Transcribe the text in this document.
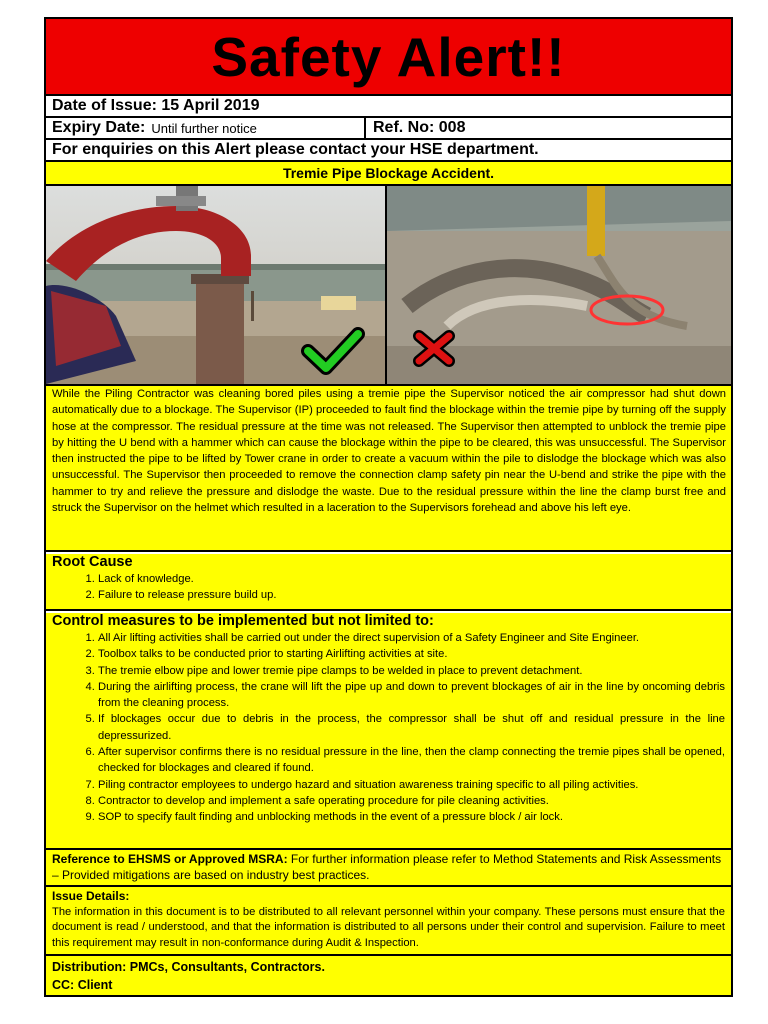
Safety Alert!!
Date of Issue: 15 April 2019
Expiry Date: Until further notice	Ref. No: 008
For enquiries on this Alert please contact your HSE department.
Tremie Pipe Blockage Accident.
While the Piling Contractor was cleaning bored piles using a tremie pipe the Supervisor noticed the air compressor had shut down automatically due to a blockage. The Supervisor (IP) proceeded to fault find the blockage within the tremie pipe by turning off the supply hose at the compressor. The residual pressure at the time was not released. The Supervisor then attempted to unblock the tremie pipe by hitting the U bend with a hammer which can cause the blockage within the pipe to be cleared, this was unsuccessful. The Supervisor then instructed the pipe to be lifted by Tower crane in order to create a vacuum within the pile to dislodge the blockage which was also unsuccessful. The Supervisor then proceeded to remove the connection clamp safety pin near the U-bend and strike the pipe with the hammer to try and relieve the pressure and dislodge the waste. Due to the residual pressure within the line the clamp burst free and struck the Supervisor on the helmet which resulted in a laceration to the Supervisors forehead and above his left eye.
Root Cause
1. Lack of knowledge.
2. Failure to release pressure build up.
Control measures to be implemented but not limited to:
1. All Air lifting activities shall be carried out under the direct supervision of a Safety Engineer and Site Engineer.
2. Toolbox talks to be conducted prior to starting Airlifting activities at site.
3. The tremie elbow pipe and lower tremie pipe clamps to be welded in place to prevent detachment.
4. During the airlifting process, the crane will lift the pipe up and down to prevent blockages of air in the line by oncoming debris from the cleaning process.
5. If blockages occur due to debris in the process, the compressor shall be shut off and residual pressure in the line depressurized.
6. After supervisor confirms there is no residual pressure in the line, then the clamp connecting the tremie pipes shall be opened, checked for blockages and cleared if found.
7. Piling contractor employees to undergo hazard and situation awareness training specific to all piling activities.
8. Contractor to develop and implement a safe operating procedure for pile cleaning activities.
9. SOP to specify fault finding and unblocking methods in the event of a pressure block / air lock.
Reference to EHSMS or Approved MSRA: For further information please refer to Method Statements and Risk Assessments – Provided mitigations are based on industry best practices.
Issue Details:
The information in this document is to be distributed to all relevant personnel within your company. These persons must ensure that the document is read / understood, and that the information is distributed to all persons under their control and supervision. Failure to meet this requirement may result in non-conformance during Audit & Inspection.
Distribution: PMCs, Consultants, Contractors.
CC: Client
